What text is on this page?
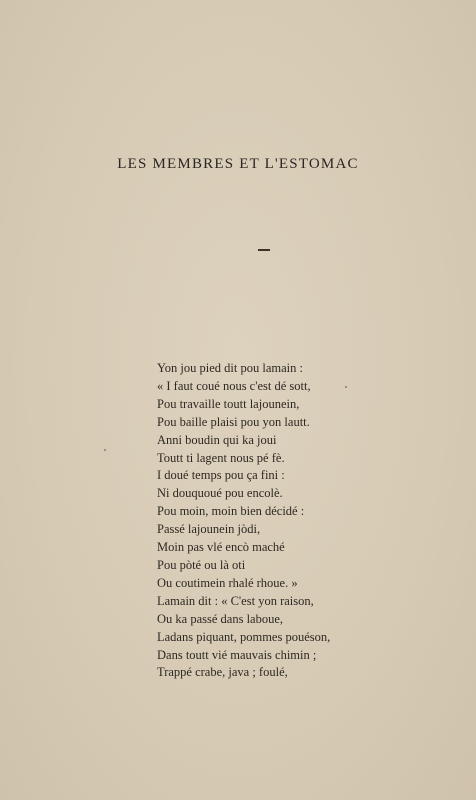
LES MEMBRES ET L'ESTOMAC
Yon jou pied dit pou lamain :
« I faut coué nous c'est dé sott,
Pou travaille toutt lajounein,
Pou baille plaisi pou yon lautt.
Anni boudin qui ka joui
Toutt ti lagent nous pé fè.
I doué temps pou ça fini :
Ni douquoué pou encolè.
Pou moin, moin bien décidé :
Passé lajounein jòdi,
Moin pas vlé encò maché
Pou pòté ou là oti
Ou coutimein rhalé rhoue. »
Lamain dit : « C'est yon raison,
Ou ka passé dans laboue,
Ladans piquant, pommes pouéson,
Dans toutt vié mauvais chimin ;
Trappé crabe, java ; foulé,
